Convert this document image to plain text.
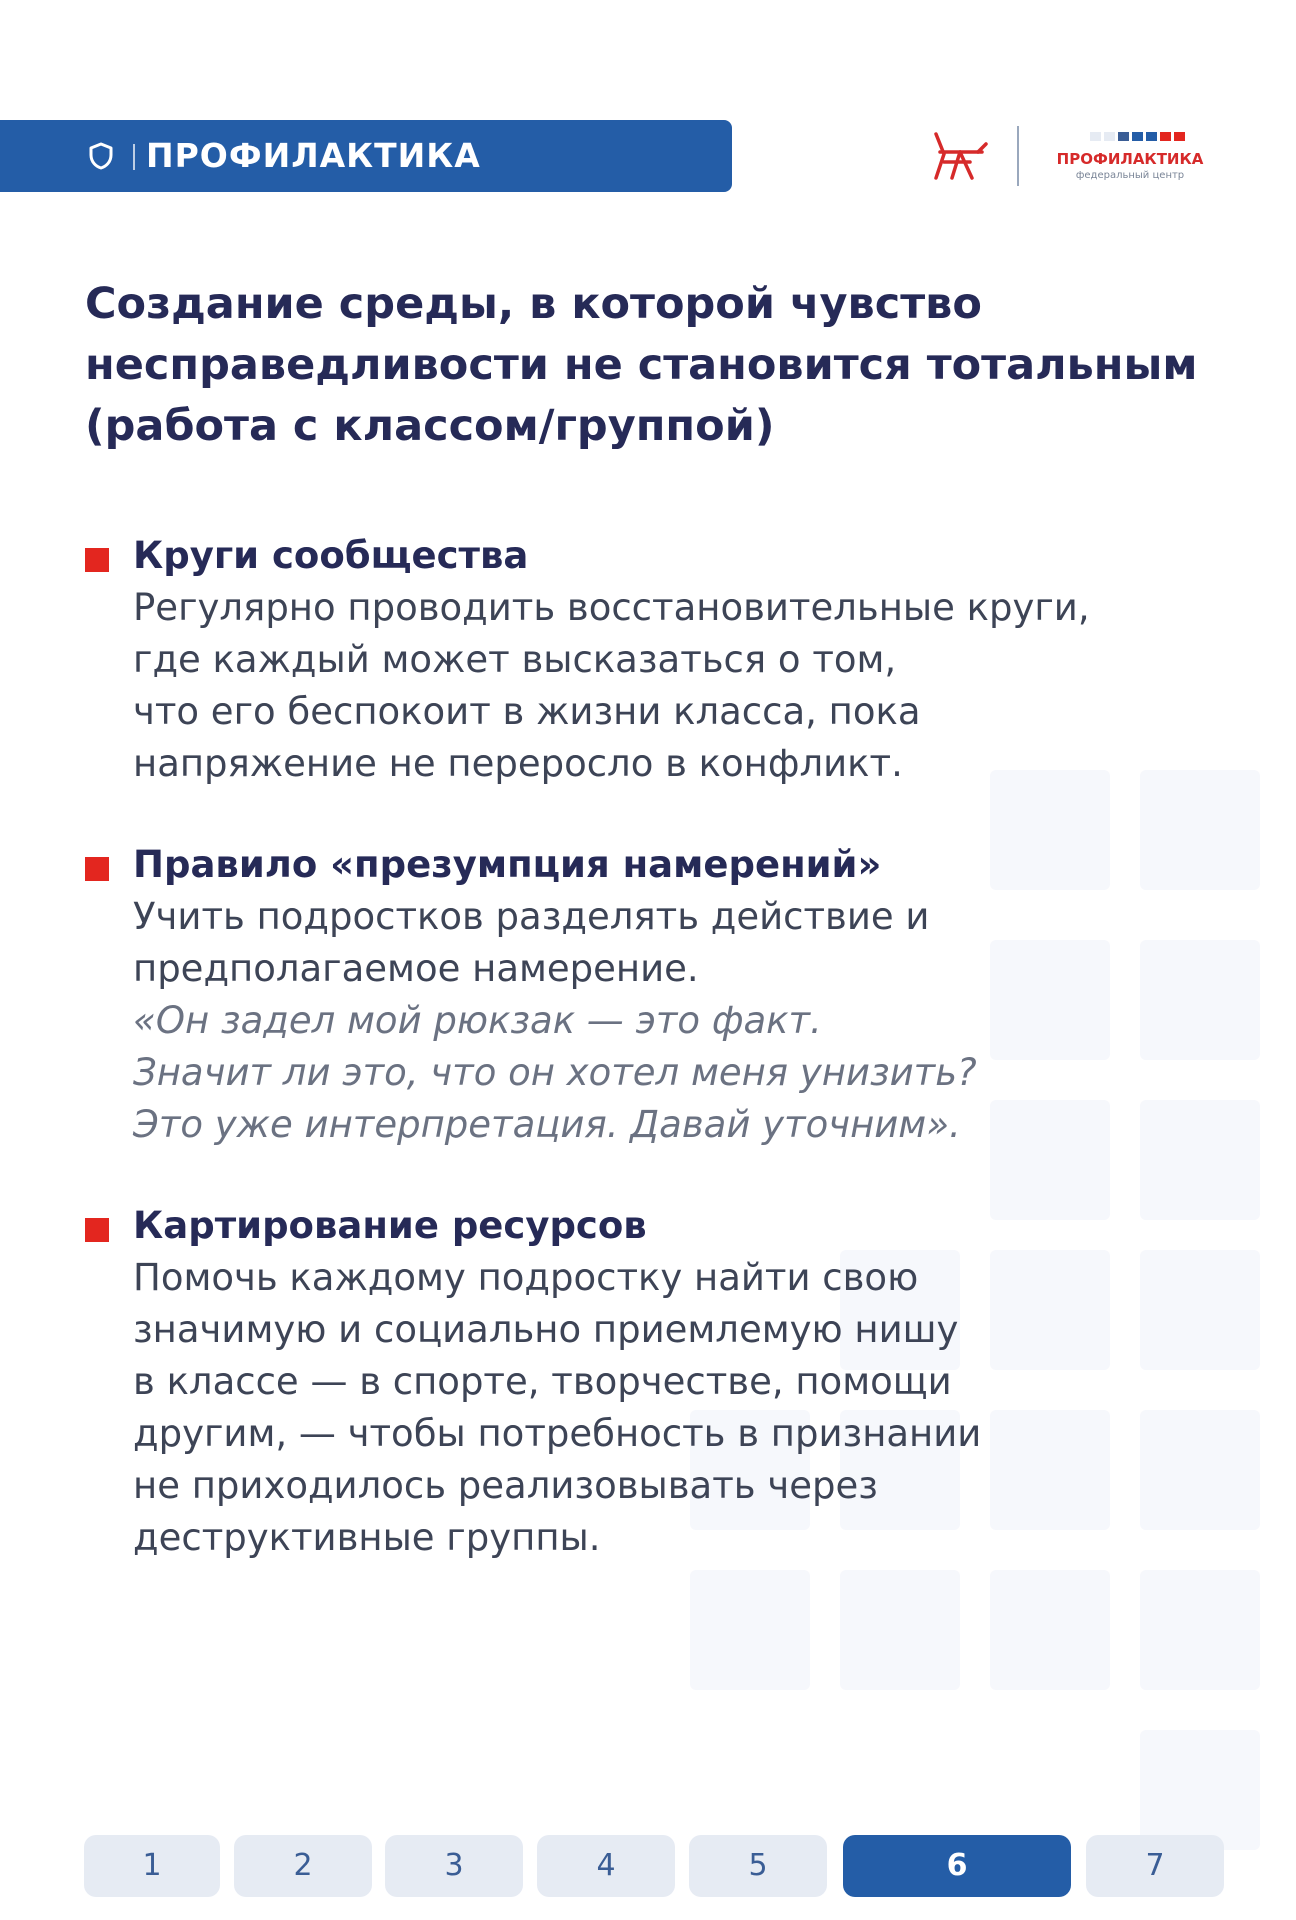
ПРОФИЛАКТИКА	ПРОФИЛАКТИКА
федеральный центр
Создание среды, в которой чувство
несправедливости не становится тотальным
(работа с классом/группой)
Круги сообщества
Регулярно проводить восстановительные круги,
где каждый может высказаться о том,
что его беспокоит в жизни класса, пока
напряжение не переросло в конфликт.
Правило «презумпция намерений»
Учить подростков разделять действие и
предполагаемое намерение.
«Он задел мой рюкзак — это факт.
Значит ли это, что он хотел меня унизить?
Это уже интерпретация. Давай уточним».
Картирование ресурсов
Помочь каждому подростку найти свою
значимую и социально приемлемую нишу
в классе — в спорте, творчестве, помощи
другим, — чтобы потребность в признании
не приходилось реализовывать через
деструктивные группы.
1	2	3	4	5	6	7
